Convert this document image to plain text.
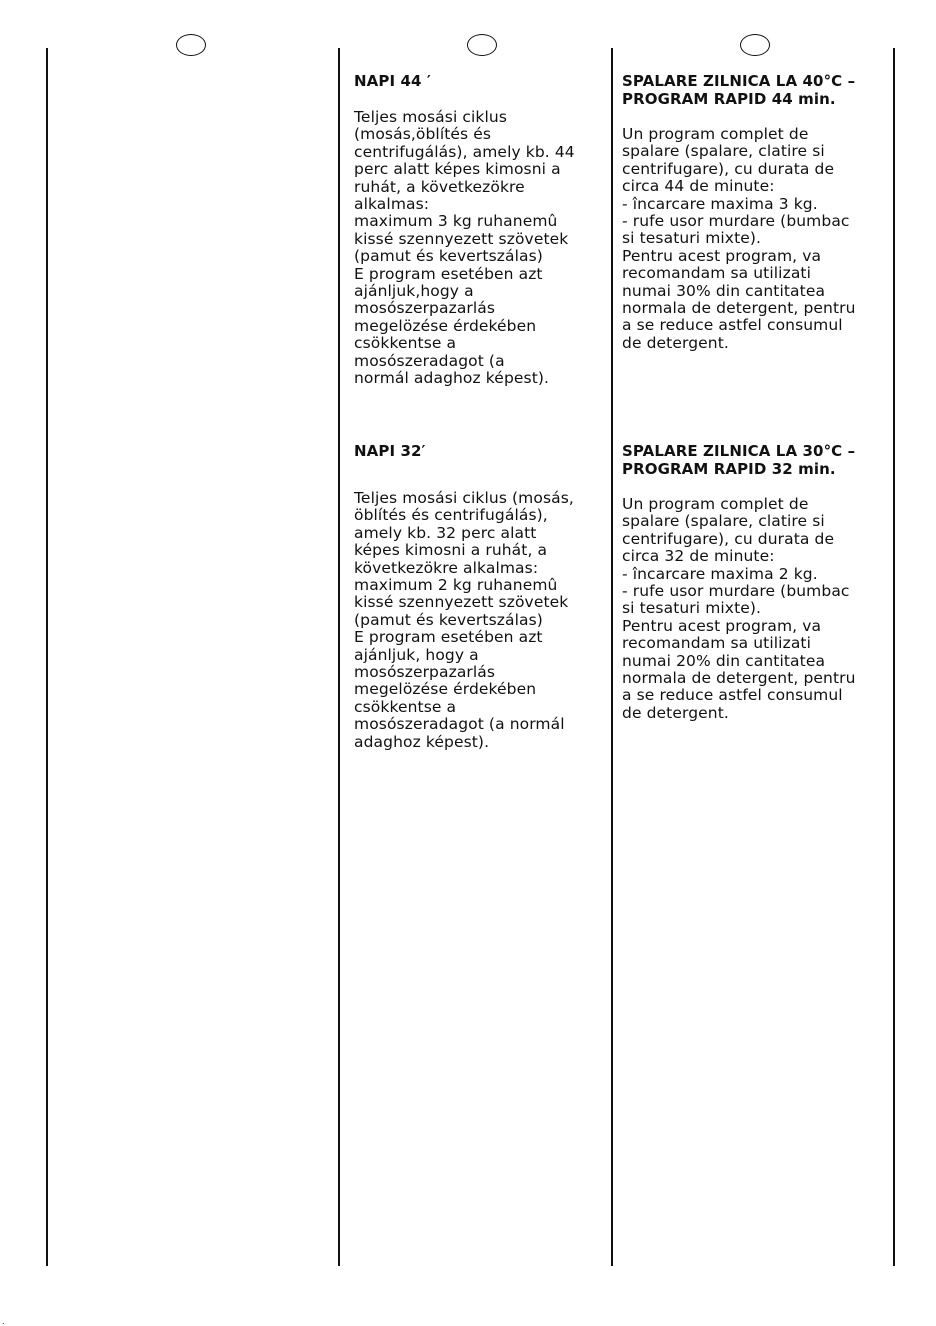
NAPI 44 ′

Teljes mosási ciklus
(mosás,öblítés és
centrifugálás), amely kb. 44
perc alatt képes kimosni a
ruhát, a következökre
alkalmas:
maximum 3 kg ruhanemû
kissé szennyezett szövetek
(pamut és kevertszálas)
E program esetében azt
ajánljuk,hogy a
mosószerpazarlás
megelözése érdekében
csökkentse a
mosószeradagot (a
normál adaghoz képest).

NAPI 32′

Teljes mosási ciklus (mosás,
öblítés és centrifugálás),
amely kb. 32 perc alatt
képes kimosni a ruhát, a
következökre alkalmas:
maximum 2 kg ruhanemû
kissé szennyezett szövetek
(pamut és kevertszálas)
E program esetében azt
ajánljuk, hogy a
mosószerpazarlás
megelözése érdekében
csökkentse a
mosószeradagot (a normál
adaghoz képest).

SPALARE ZILNICA LA 40°C –
PROGRAM RAPID 44 min.

Un program complet de
spalare (spalare, clatire si
centrifugare), cu durata de
circa 44 de minute:
- încarcare maxima 3 kg.
- rufe usor murdare (bumbac
si tesaturi mixte).
Pentru acest program, va
recomandam sa utilizati
numai 30% din cantitatea
normala de detergent, pentru
a se reduce astfel consumul
de detergent.

SPALARE ZILNICA LA 30°C –
PROGRAM RAPID 32 min.

Un program complet de
spalare (spalare, clatire si
centrifugare), cu durata de
circa 32 de minute:
- încarcare maxima 2 kg.
- rufe usor murdare (bumbac
si tesaturi mixte).
Pentru acest program, va
recomandam sa utilizati
numai 20% din cantitatea
normala de detergent, pentru
a se reduce astfel consumul
de detergent.

.
